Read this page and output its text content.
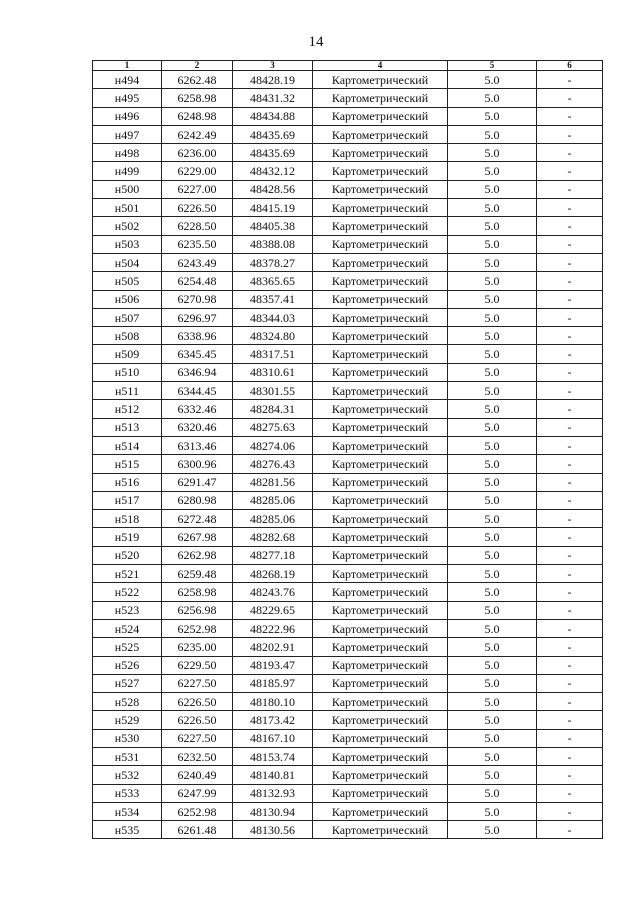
14
1	2	3	4	5	6
н494	6262.48	48428.19	Картометрический	5.0	-
н495	6258.98	48431.32	Картометрический	5.0	-
н496	6248.98	48434.88	Картометрический	5.0	-
н497	6242.49	48435.69	Картометрический	5.0	-
н498	6236.00	48435.69	Картометрический	5.0	-
н499	6229.00	48432.12	Картометрический	5.0	-
н500	6227.00	48428.56	Картометрический	5.0	-
н501	6226.50	48415.19	Картометрический	5.0	-
н502	6228.50	48405.38	Картометрический	5.0	-
н503	6235.50	48388.08	Картометрический	5.0	-
н504	6243.49	48378.27	Картометрический	5.0	-
н505	6254.48	48365.65	Картометрический	5.0	-
н506	6270.98	48357.41	Картометрический	5.0	-
н507	6296.97	48344.03	Картометрический	5.0	-
н508	6338.96	48324.80	Картометрический	5.0	-
н509	6345.45	48317.51	Картометрический	5.0	-
н510	6346.94	48310.61	Картометрический	5.0	-
н511	6344.45	48301.55	Картометрический	5.0	-
н512	6332.46	48284.31	Картометрический	5.0	-
н513	6320.46	48275.63	Картометрический	5.0	-
н514	6313.46	48274.06	Картометрический	5.0	-
н515	6300.96	48276.43	Картометрический	5.0	-
н516	6291.47	48281.56	Картометрический	5.0	-
н517	6280.98	48285.06	Картометрический	5.0	-
н518	6272.48	48285.06	Картометрический	5.0	-
н519	6267.98	48282.68	Картометрический	5.0	-
н520	6262.98	48277.18	Картометрический	5.0	-
н521	6259.48	48268.19	Картометрический	5.0	-
н522	6258.98	48243.76	Картометрический	5.0	-
н523	6256.98	48229.65	Картометрический	5.0	-
н524	6252.98	48222.96	Картометрический	5.0	-
н525	6235.00	48202.91	Картометрический	5.0	-
н526	6229.50	48193.47	Картометрический	5.0	-
н527	6227.50	48185.97	Картометрический	5.0	-
н528	6226.50	48180.10	Картометрический	5.0	-
н529	6226.50	48173.42	Картометрический	5.0	-
н530	6227.50	48167.10	Картометрический	5.0	-
н531	6232.50	48153.74	Картометрический	5.0	-
н532	6240.49	48140.81	Картометрический	5.0	-
н533	6247.99	48132.93	Картометрический	5.0	-
н534	6252.98	48130.94	Картометрический	5.0	-
н535	6261.48	48130.56	Картометрический	5.0	-
